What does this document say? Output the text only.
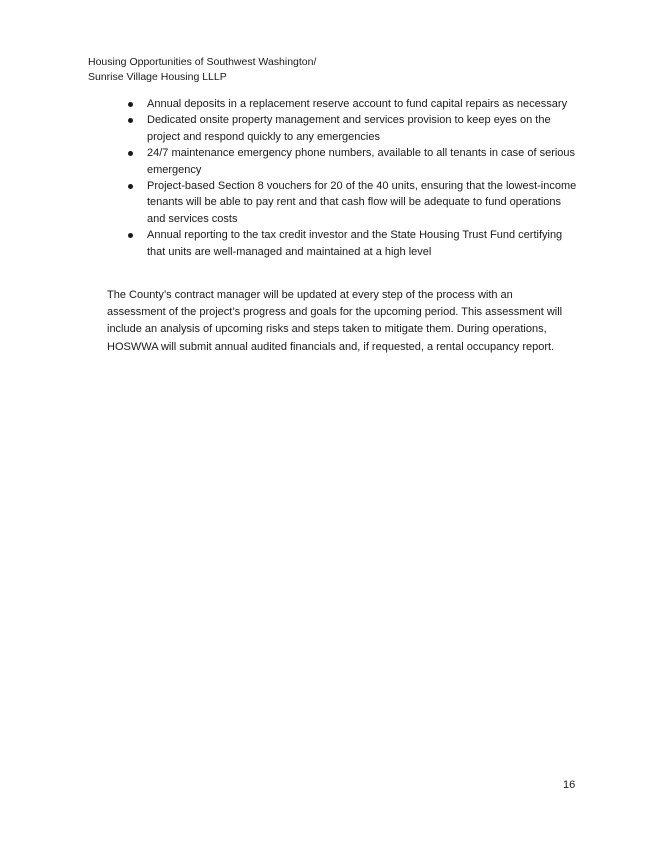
Housing Opportunities of Southwest Washington/
Sunrise Village Housing LLLP
Annual deposits in a replacement reserve account to fund capital repairs as necessary
Dedicated onsite property management and services provision to keep eyes on the project and respond quickly to any emergencies
24/7 maintenance emergency phone numbers, available to all tenants in case of serious emergency
Project-based Section 8 vouchers for 20 of the 40 units, ensuring that the lowest-income tenants will be able to pay rent and that cash flow will be adequate to fund operations and services costs
Annual reporting to the tax credit investor and the State Housing Trust Fund certifying that units are well-managed and maintained at a high level

The County’s contract manager will be updated at every step of the process with an assessment of the project’s progress and goals for the upcoming period. This assessment will include an analysis of upcoming risks and steps taken to mitigate them. During operations, HOSWWA will submit annual audited financials and, if requested, a rental occupancy report.

16
